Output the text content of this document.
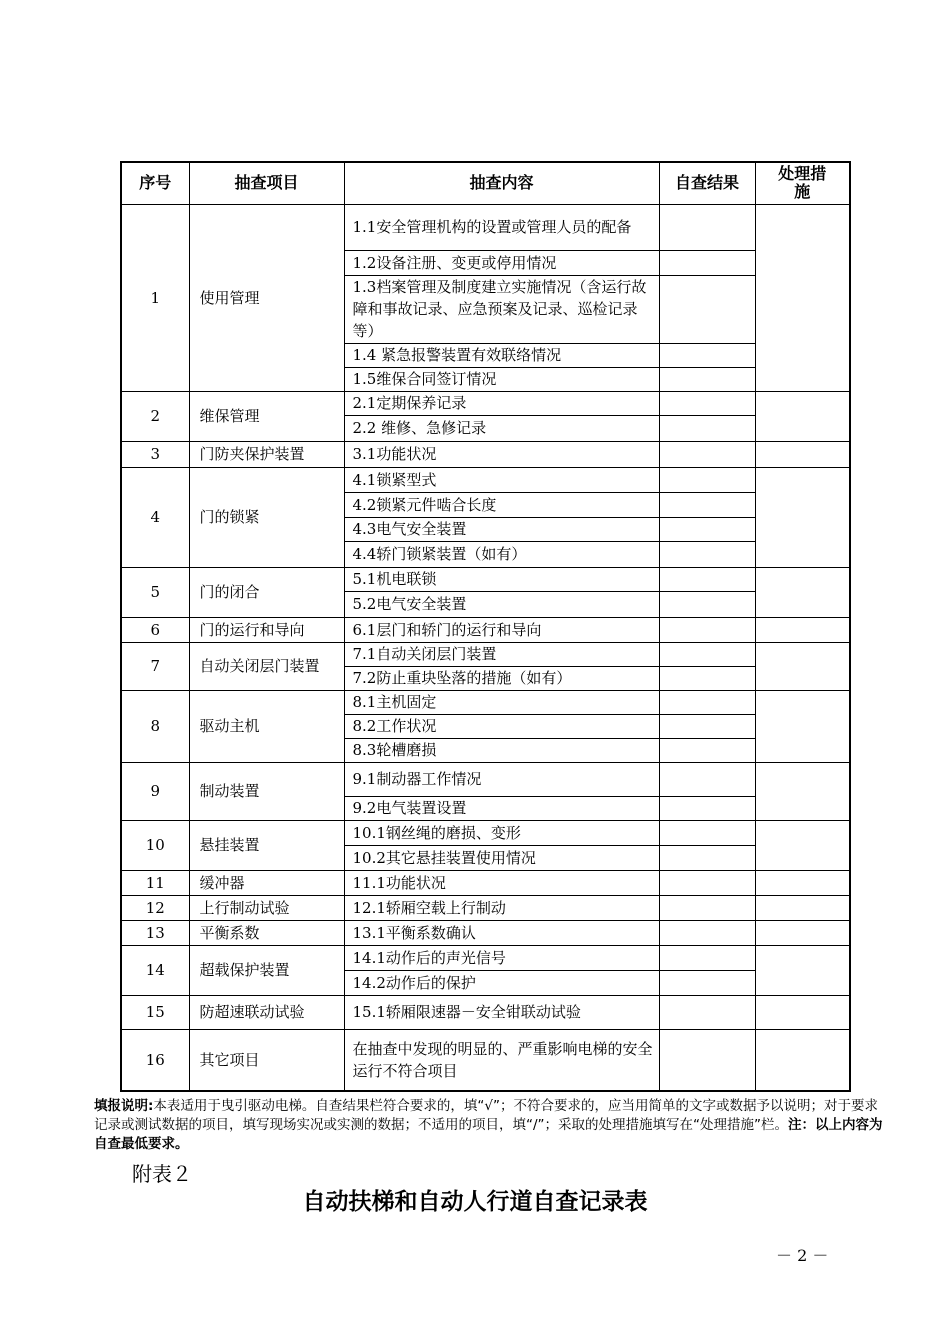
序号	抽查项目	抽查内容	自查结果	处理措施
1	使用管理	1.1安全管理机构的设置或管理人员的配备		
		1.2设备注册、变更或停用情况		
		1.3档案管理及制度建立实施情况（含运行故障和事故记录、应急预案及记录、巡检记录等）		
		1.4 紧急报警装置有效联络情况		
		1.5维保合同签订情况		
2	维保管理	2.1定期保养记录		
		2.2 维修、急修记录		
3	门防夹保护装置	3.1功能状况		
4	门的锁紧	4.1锁紧型式		
		4.2锁紧元件啮合长度		
		4.3电气安全装置		
		4.4轿门锁紧装置（如有）		
5	门的闭合	5.1机电联锁		
		5.2电气安全装置		
6	门的运行和导向	6.1层门和轿门的运行和导向		
7	自动关闭层门装置	7.1自动关闭层门装置		
		7.2防止重块坠落的措施（如有）		
8	驱动主机	8.1主机固定		
		8.2工作状况		
		8.3轮槽磨损		
9	制动装置	9.1制动器工作情况		
		9.2电气装置设置		
10	悬挂装置	10.1钢丝绳的磨损、变形		
		10.2其它悬挂装置使用情况		
11	缓冲器	11.1功能状况		
12	上行制动试验	12.1轿厢空载上行制动		
13	平衡系数	13.1平衡系数确认		
14	超载保护装置	14.1动作后的声光信号		
		14.2动作后的保护		
15	防超速联动试验	15.1轿厢限速器－安全钳联动试验		
16	其它项目	在抽查中发现的明显的、严重影响电梯的安全运行不符合项目		

填报说明:本表适用于曳引驱动电梯。自查结果栏符合要求的，填“√”；不符合要求的，应当用简单的文字或数据予以说明；对于要求记录或测试数据的项目，填写现场实况或实测的数据；不适用的项目，填“/”；采取的处理措施填写在“处理措施”栏。注：以上内容为自查最低要求。

附表２

自动扶梯和自动人行道自查记录表

－ 2 －
